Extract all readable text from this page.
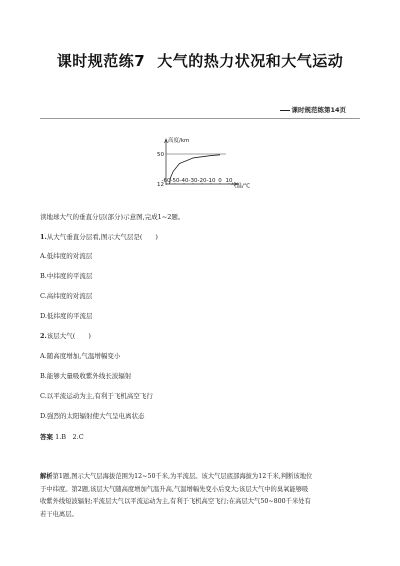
课时规范练7 大气的热力状况和大气运动
课时规范练第14页
50
12
-60 -50 -40 -30 -20 -10 0 10
高度/km
气温/℃
读地球大气的垂直分层(部分)示意图,完成1~2题。
1.从大气垂直分层看,图示大气层是(　　)
A.低纬度的对流层
B.中纬度的平流层
C.高纬度的对流层
D.低纬度的平流层
2.该层大气(　　)
A.随高度增加,气温增幅变小
B.能够大量吸收紫外线长波辐射
C.以平流运动为主,有利于飞机高空飞行
D.强烈的太阳辐射使大气呈电离状态
答案 1.B　2.C
解析第1题,图示大气层海拔范围为12~50千米,为平流层。该大气层底部海拔为12千米,判断该地位
于中纬度。第2题,该层大气随高度增加气温升高,气温增幅先变小后变大;该层大气中的臭氧能够吸
收紫外线短波辐射;平流层大气以平流运动为主,有利于飞机高空飞行;在高层大气50~800千米处有
若干电离层。
